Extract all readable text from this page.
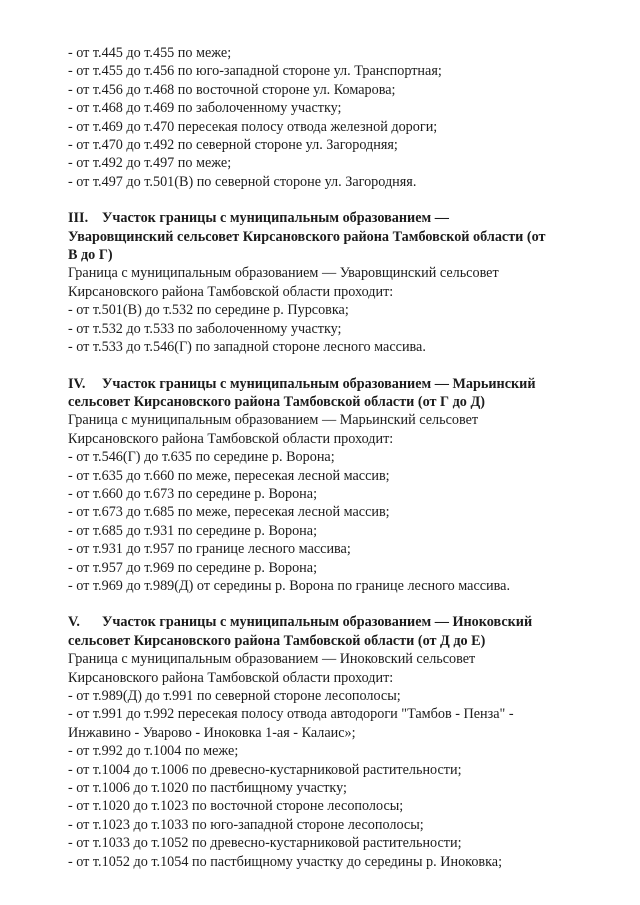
- от т.445 до т.455 по меже;
- от т.455 до т.456 по юго-западной стороне ул. Транспортная;
- от т.456 до т.468 по восточной стороне ул. Комарова;
- от т.468 до т.469 по заболоченному участку;
- от т.469 до т.470 пересекая полосу отвода железной дороги;
- от т.470 до т.492 по северной стороне ул. Загородняя;
- от т.492 до т.497 по меже;
- от т.497 до т.501(В) по северной стороне ул. Загородняя.
III. Участок границы с муниципальным образованием —
Уваровщинский сельсовет Кирсановского района Тамбовской области (от
В до Г)
Граница с муниципальным образованием — Уваровщинский сельсовет
Кирсановского района Тамбовской области проходит:
- от т.501(В) до т.532 по середине р. Пурсовка;
- от т.532 до т.533 по заболоченному участку;
- от т.533 до т.546(Г) по западной стороне лесного массива.
IV. Участок границы с муниципальным образованием — Марьинский
сельсовет Кирсановского района Тамбовской области (от Г до Д)
Граница с муниципальным образованием — Марьинский сельсовет
Кирсановского района Тамбовской области проходит:
- от т.546(Г) до т.635 по середине р. Ворона;
- от т.635 до т.660 по меже, пересекая лесной массив;
- от т.660 до т.673 по середине р. Ворона;
- от т.673 до т.685 по меже, пересекая лесной массив;
- от т.685 до т.931 по середине р. Ворона;
- от т.931 до т.957 по границе лесного массива;
- от т.957 до т.969 по середине р. Ворона;
- от т.969 до т.989(Д) от середины р. Ворона по границе лесного массива.
V. Участок границы с муниципальным образованием — Иноковский
сельсовет Кирсановского района Тамбовской области (от Д до Е)
Граница с муниципальным образованием — Иноковский сельсовет
Кирсановского района Тамбовской области проходит:
- от т.989(Д) до т.991 по северной стороне лесополосы;
- от т.991 до т.992 пересекая полосу отвода автодороги "Тамбов - Пенза" -
Инжавино - Уварово - Иноковка 1-ая - Калаис»;
- от т.992 до т.1004 по меже;
- от т.1004 до т.1006 по древесно-кустарниковой растительности;
- от т.1006 до т.1020 по пастбищному участку;
- от т.1020 до т.1023 по восточной стороне лесополосы;
- от т.1023 до т.1033 по юго-западной стороне лесополосы;
- от т.1033 до т.1052 по древесно-кустарниковой растительности;
- от т.1052 до т.1054 по пастбищному участку до середины р. Иноковка;
